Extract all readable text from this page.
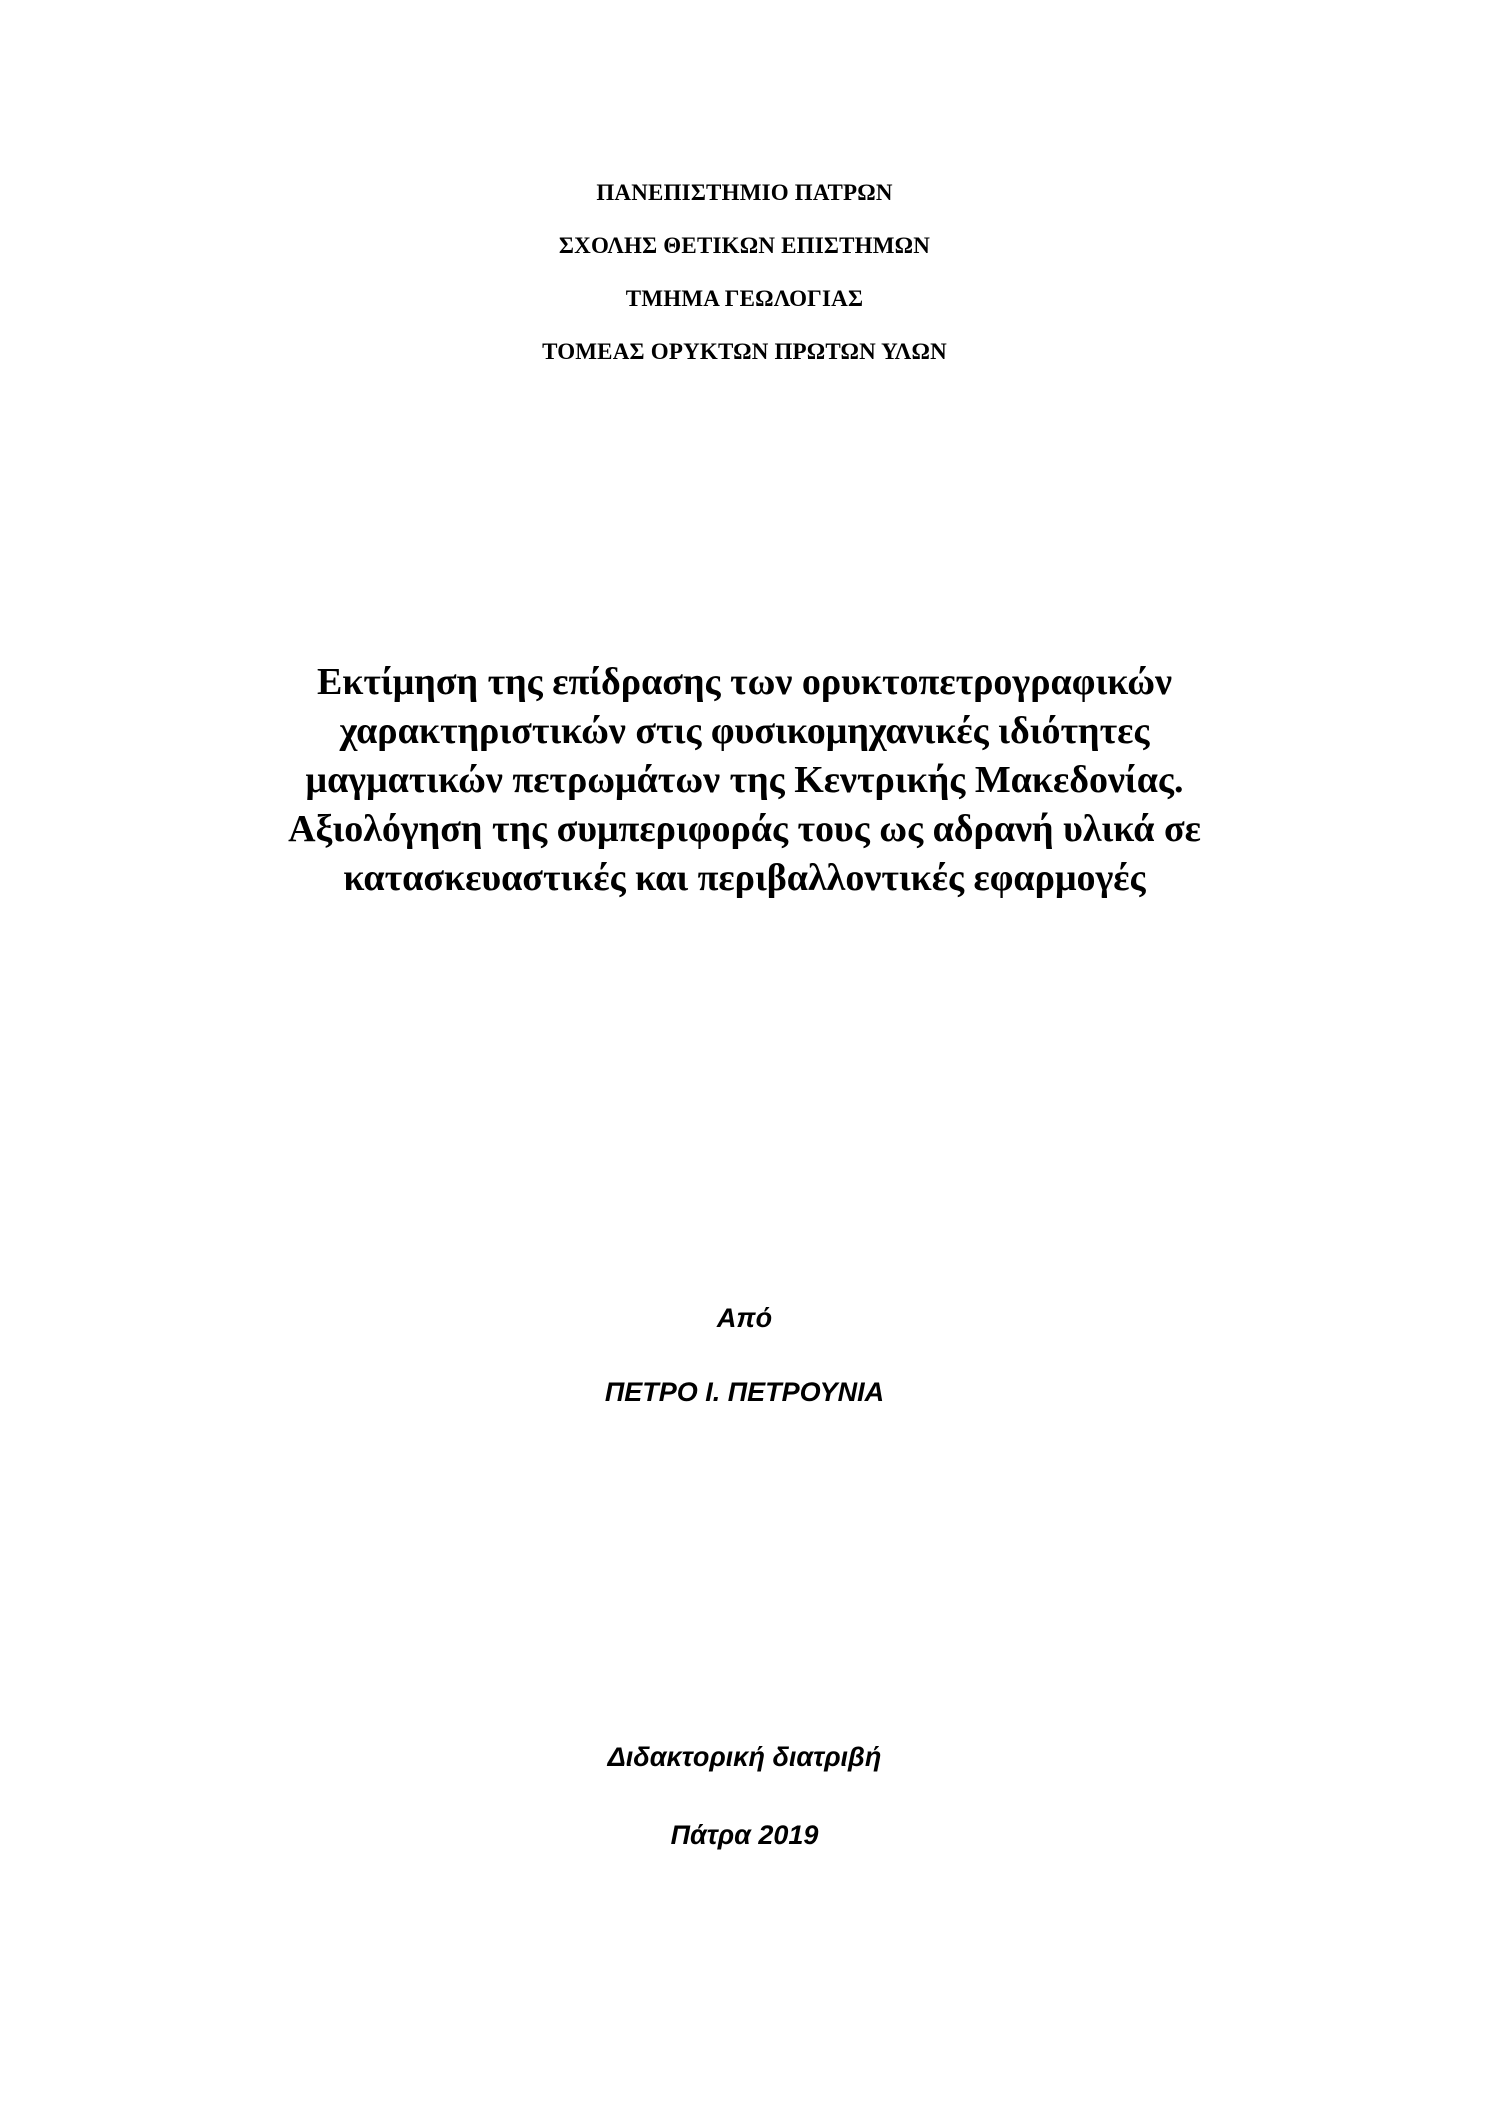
ΠΑΝΕΠΙΣΤΗΜΙΟ ΠΑΤΡΩΝ
ΣΧΟΛΗΣ ΘΕΤΙΚΩΝ ΕΠΙΣΤΗΜΩΝ
ΤΜΗΜΑ ΓΕΩΛΟΓΙΑΣ
ΤΟΜΕΑΣ ΟΡΥΚΤΩΝ ΠΡΩΤΩΝ ΥΛΩΝ
Εκτίμηση της επίδρασης των ορυκτοπετρογραφικών
χαρακτηριστικών στις φυσικομηχανικές ιδιότητες
μαγματικών πετρωμάτων της Κεντρικής Μακεδονίας.
Αξιολόγηση της συμπεριφοράς τους ως αδρανή υλικά σε
κατασκευαστικές και περιβαλλοντικές εφαρμογές
Από
ΠΕΤΡΟ Ι. ΠΕΤΡΟΥΝΙΑ
Διδακτορική διατριβή
Πάτρα 2019
